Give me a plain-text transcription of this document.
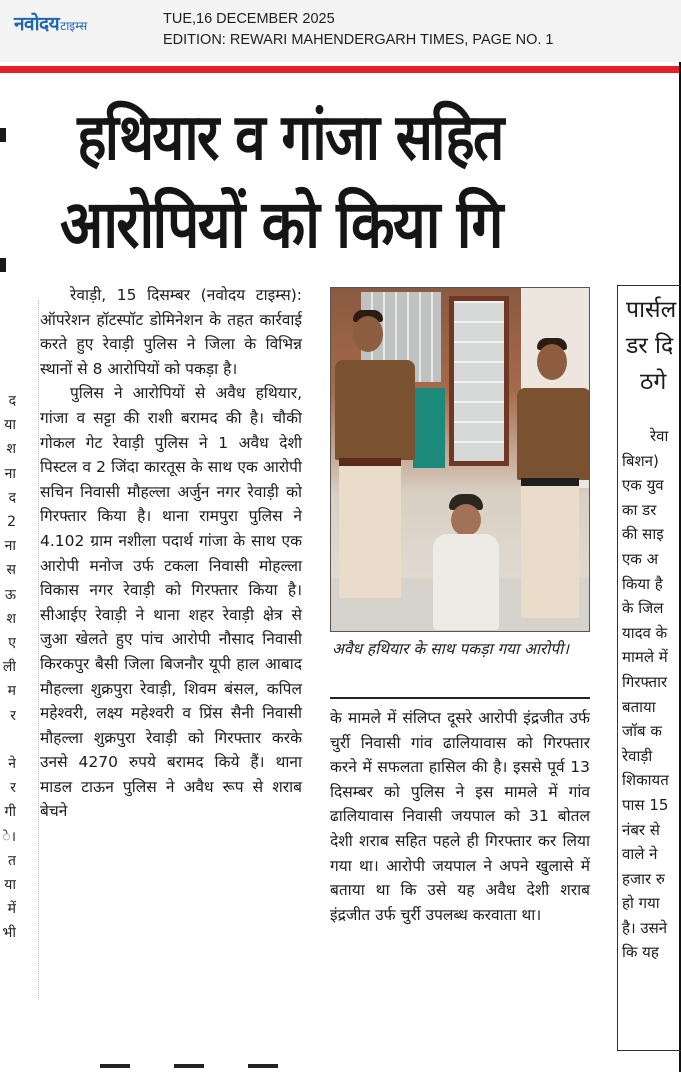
नवोदय टाइम्स	TUE,16 DECEMBER 2025
EDITION: REWARI MAHENDERGARH TIMES, PAGE NO. 1
द
या
श
ना
द
2
ना
स
ऊ
श
ए
ली
म
र

ने
र
गी
े।
त
या
में
भी
हथियार व गांजा सहित
आरोपियों को किया गि

रेवाड़ी, 15 दिसम्बर (नवोदय टाइम्स): ऑपरेशन हॉटस्पॉट डोमिनेशन के तहत कार्रवाई करते हुए रेवाड़ी पुलिस ने जिला के विभिन्न स्थानों से 8 आरोपियों को पकड़ा है।

पुलिस ने आरोपियों से अवैध हथियार, गांजा व सट्टा की राशी बरामद की है। चौकी गोकल गेट रेवाड़ी पुलिस ने 1 अवैध देशी पिस्टल व 2 जिंदा कारतूस के साथ एक आरोपी सचिन निवासी मौहल्ला अर्जुन नगर रेवाड़ी को गिरफ्तार किया है। थाना रामपुरा पुलिस ने 4.102 ग्राम नशीला पदार्थ गांजा के साथ एक आरोपी मनोज उर्फ टकला निवासी मोहल्ला विकास नगर रेवाड़ी को गिरफ्तार किया है। सीआईए रेवाड़ी ने थाना शहर रेवाड़ी क्षेत्र से जुआ खेलते हुए पांच आरोपी नौसाद निवासी किरकपुर बैसी जिला बिजनौर यूपी हाल आबाद मौहल्ला शुक्रपुरा रेवाड़ी, शिवम बंसल, कपिल महेश्वरी, लक्ष्य महेश्वरी व प्रिंस सैनी निवासी मौहल्ला शुक्रपुरा रेवाड़ी को गिरफ्तार करके उनसे 4270 रुपये बरामद किये हैं। थाना माडल टाऊन पुलिस ने अवैध रूप से शराब बेचने

अवैध हथियार के साथ पकड़ा गया आरोपी।

के मामले में संलिप्त दूसरे आरोपी इंद्रजीत उर्फ चुर्री निवासी गांव ढालियावास को गिरफ्तार करने में सफलता हासिल की है। इससे पूर्व 13 दिसम्बर को पुलिस ने इस मामले में गांव ढालियावास निवासी जयपाल को 31 बोतल देशी शराब सहित पहले ही गिरफ्तार कर लिया गया था। आरोपी जयपाल ने अपने खुलासे में बताया था कि उसे यह अवैध देशी शराब इंद्रजीत उर्फ चुर्री उपलब्ध करवाता था।

पार्सल
डर दि
ठगे
रेवा
बिशन)
एक युव
का डर
की साइ
एक अ
किया है
के जिल
यादव के
मामले में
गिरफ्तार
बताया
जॉब क
रेवाड़ी
शिकायत
पास 15
नंबर से
वाले ने
हजार रु
हो गया
है। उसने
कि यह
